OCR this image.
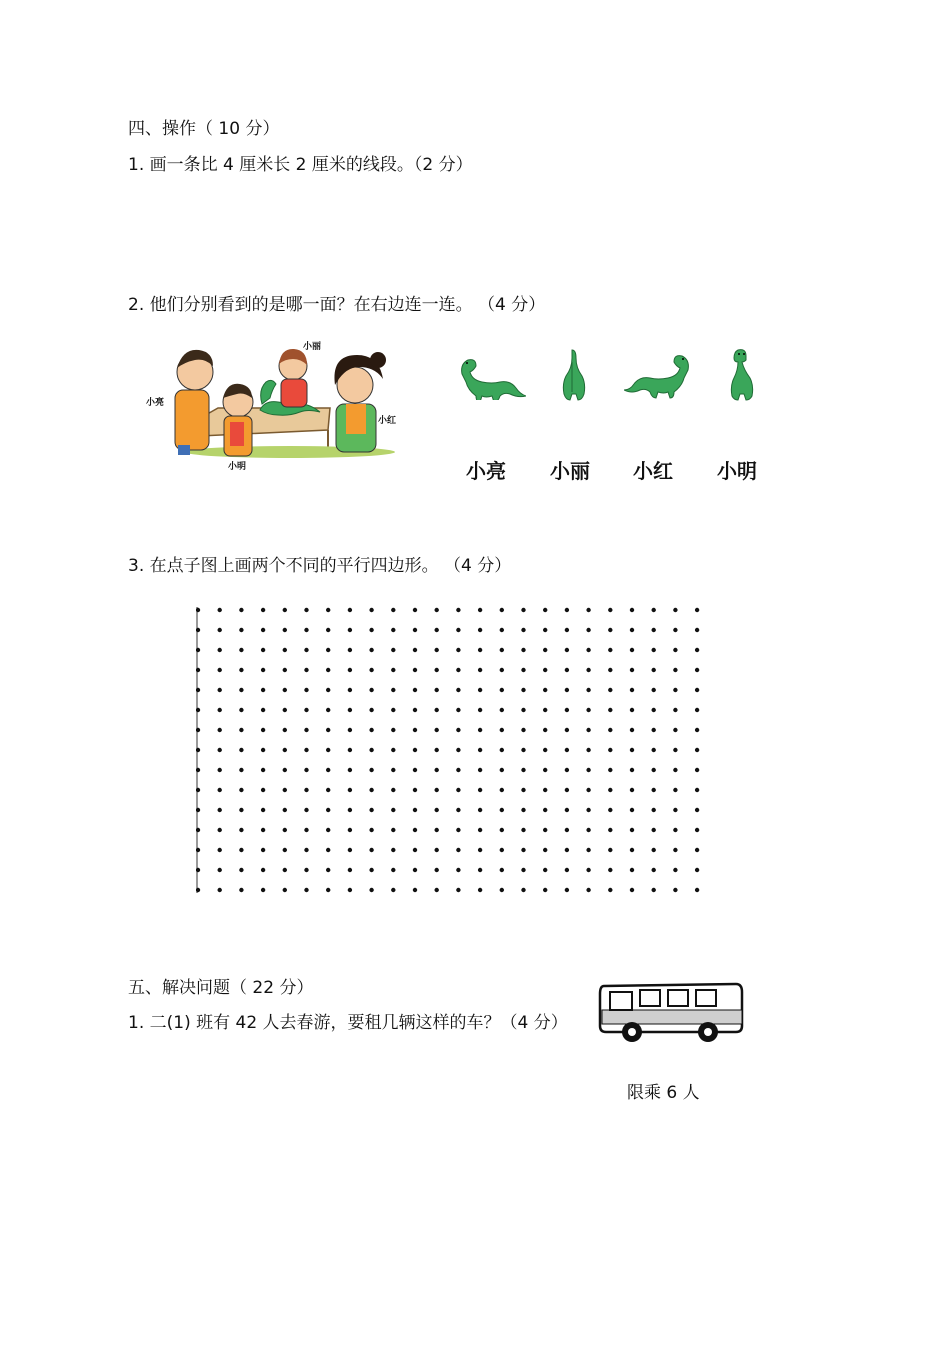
四、操作（ 10 分）
1. 画一条比 4 厘米长 2 厘米的线段。（2 分）
2. 他们分别看到的是哪一面？在右边连一连。 （4 分）
小丽
小亮
小红
小明	小亮 小丽 小红 小明
3. 在点子图上画两个不同的平行四边形。 （4 分）
五、解决问题（ 22 分）
1. 二(1) 班有 42 人去春游，要租几辆这样的车？（4 分）
限乘 6 人
